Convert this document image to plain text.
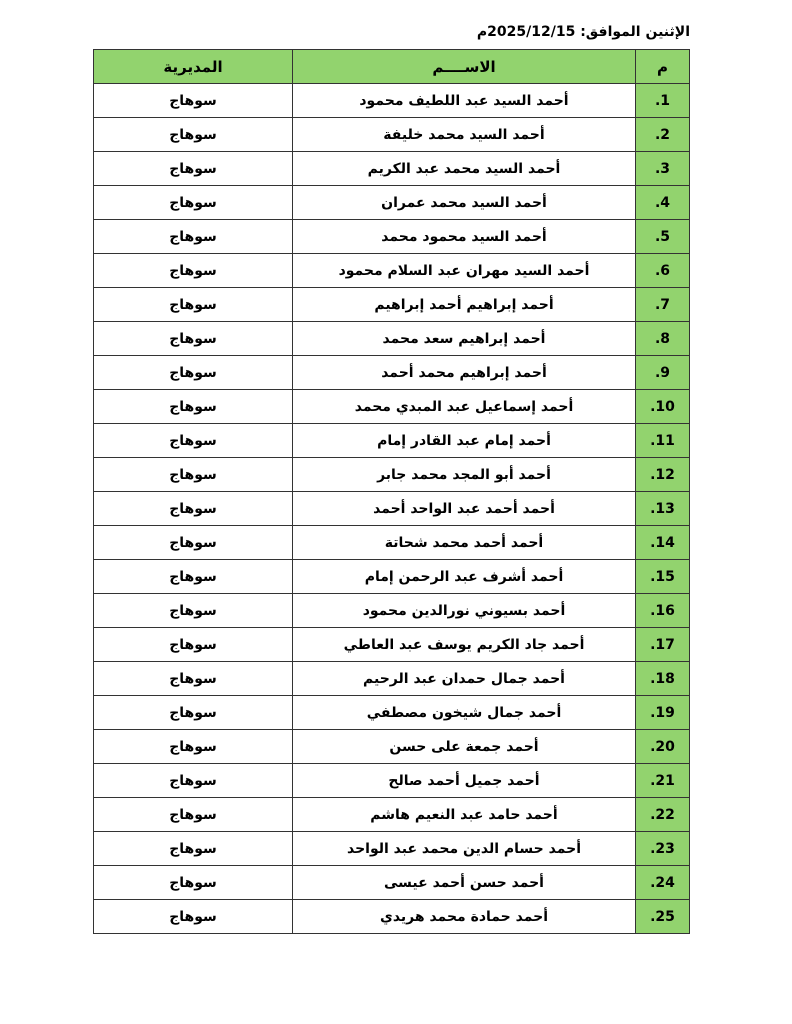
الإثنين الموافق: 2025/12/15م
م	الاســــم	المديرية
1.	أحمد السيد عبد اللطيف محمود	سوهاج
2.	أحمد السيد محمد خليفة	سوهاج
3.	أحمد السيد محمد عبد الكريم	سوهاج
4.	أحمد السيد محمد عمران	سوهاج
5.	أحمد السيد محمود محمد	سوهاج
6.	أحمد السيد مهران عبد السلام محمود	سوهاج
7.	أحمد إبراهيم أحمد إبراهيم	سوهاج
8.	أحمد إبراهيم سعد محمد	سوهاج
9.	أحمد إبراهيم محمد أحمد	سوهاج
10.	أحمد إسماعيل عبد المبدي محمد	سوهاج
11.	أحمد إمام عبد القادر إمام	سوهاج
12.	أحمد أبو المجد محمد جابر	سوهاج
13.	أحمد أحمد عبد الواحد أحمد	سوهاج
14.	أحمد أحمد محمد شحاتة	سوهاج
15.	أحمد أشرف عبد الرحمن إمام	سوهاج
16.	أحمد بسيوني نورالدين محمود	سوهاج
17.	أحمد جاد الكريم يوسف عبد العاطي	سوهاج
18.	أحمد جمال حمدان عبد الرحيم	سوهاج
19.	أحمد جمال شيخون مصطفي	سوهاج
20.	أحمد جمعة على حسن	سوهاج
21.	أحمد جميل أحمد صالح	سوهاج
22.	أحمد حامد عبد النعيم هاشم	سوهاج
23.	أحمد حسام الدين محمد عبد الواحد	سوهاج
24.	أحمد حسن أحمد عيسى	سوهاج
25.	أحمد حمادة محمد هريدي	سوهاج
